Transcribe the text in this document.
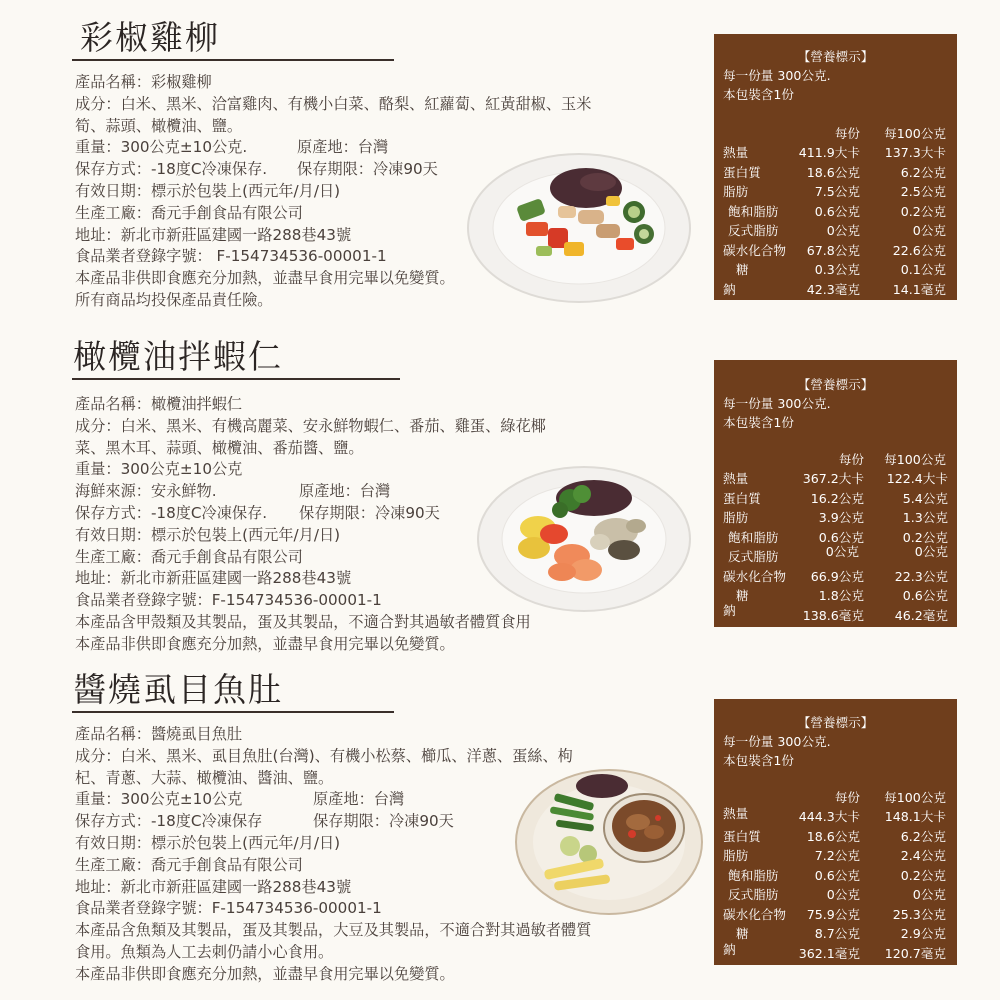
彩椒雞柳
產品名稱：彩椒雞柳
成分：白米、黑米、洽富雞肉、有機小白菜、酪梨、紅蘿蔔、紅黃甜椒、玉米
筍、蒜頭、橄欖油、鹽。
重量：300公克±10公克.	原產地：台灣
保存方式：-18度C冷凍保存. 保存期限：冷凍90天
有效日期：標示於包裝上(西元年/月/日)
生產工廠：喬元手創食品有限公司
地址：新北市新莊區建國一路288巷43號
食品業者登錄字號： F-154734536-00001-1
本產品非供即食應充分加熱，並盡早食用完畢以免變質。
所有商品均投保產品責任險。
【營養標示】
每一份量 300公克.
本包裝含1份
每份 每100公克
熱量	411.9大卡 137.3大卡
蛋白質	18.6公克	6.2公克
脂肪	7.5公克	2.5公克
飽和脂肪	0.6公克	0.2公克
反式脂肪	0公克	0公克
碳水化合物 67.8公克	22.6公克
糖	0.3公克	0.1公克
鈉	42.3毫克	14.1毫克
橄欖油拌蝦仁
產品名稱：橄欖油拌蝦仁
成分：白米、黑米、有機高麗菜、安永鮮物蝦仁、番茄、雞蛋、綠花椰
菜、黑木耳、蒜頭、橄欖油、番茄醬、鹽。
重量：300公克±10公克
海鮮來源：安永鮮物.	原產地：台灣
保存方式：-18度C冷凍保存. 保存期限：冷凍90天
有效日期：標示於包裝上(西元年/月/日)
生產工廠：喬元手創食品有限公司
地址：新北市新莊區建國一路288巷43號
食品業者登錄字號：F-154734536-00001-1
本產品含甲殼類及其製品，蛋及其製品，不適合對其過敏者體質食用
本產品非供即食應充分加熱，並盡早食用完畢以免變質。
【營養標示】
每一份量 300公克.
本包裝含1份
每份 每100公克
熱量	367.2大卡 122.4大卡
蛋白質	16.2公克	5.4公克
脂肪	3.9公克	1.3公克
飽和脂肪	0.6公克	0.2公克
反式脂肪	0公克	0公克
碳水化合物 66.9公克 22.3公克
糖	1.8公克	0.6公克
鈉	138.6毫克 46.2毫克
醬燒虱目魚肚
產品名稱：醬燒虱目魚肚
成分：白米、黑米、虱目魚肚(台灣)、有機小松蔡、櫛瓜、洋蔥、蛋絲、枸
杞、青蔥、大蒜、橄欖油、醬油、鹽。
重量：300公克±10公克	原產地：台灣
保存方式：-18度C冷凍保存	保存期限：冷凍90天
有效日期：標示於包裝上(西元年/月/日)
生產工廠：喬元手創食品有限公司
地址：新北市新莊區建國一路288巷43號
食品業者登錄字號：F-154734536-00001-1
本產品含魚類及其製品，蛋及其製品，大豆及其製品，不適合對其過敏者體質
食用。魚類為人工去刺仍請小心食用。
本產品非供即食應充分加熱，並盡早食用完畢以免變質。
【營養標示】
每一份量 300公克.
本包裝含1份
每份 每100公克
熱量	444.3大卡 148.1大卡
蛋白質	18.6公克	6.2公克
脂肪	7.2公克	2.4公克
飽和脂肪	0.6公克	0.2公克
反式脂肪	0公克	0公克
碳水化合物 75.9公克	25.3公克
糖	8.7公克	2.9公克
鈉	362.1毫克 120.7毫克
